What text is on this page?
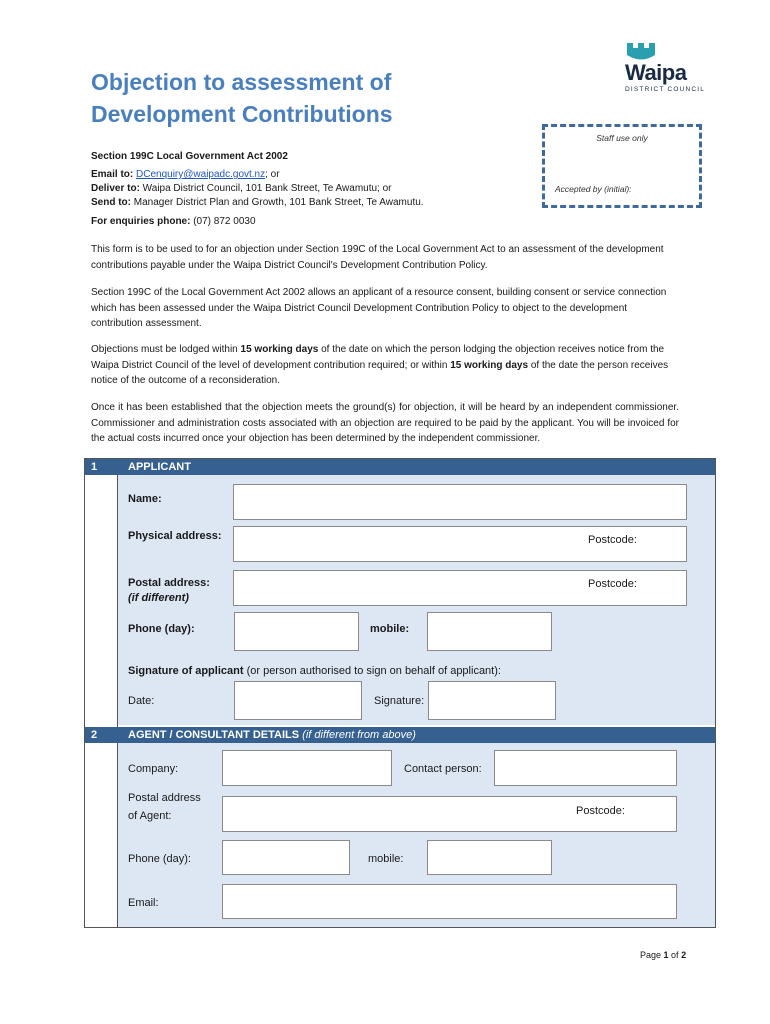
Objection to assessment of
Development Contributions
Waipa
DISTRICT COUNCIL
Staff use only
Accepted by (initial):
Section 199C Local Government Act 2002
Email to: DCenquiry@waipadc.govt.nz; or
Deliver to: Waipa District Council, 101 Bank Street, Te Awamutu; or
Send to: Manager District Plan and Growth, 101 Bank Street, Te Awamutu.
For enquiries phone: (07) 872 0030
This form is to be used to for an objection under Section 199C of the Local Government Act to an assessment of the development contributions payable under the Waipa District Council's Development Contribution Policy.
Section 199C of the Local Government Act 2002 allows an applicant of a resource consent, building consent or service connection which has been assessed under the Waipa District Council Development Contribution Policy to object to the development contribution assessment.
Objections must be lodged within 15 working days of the date on which the person lodging the objection receives notice from the Waipa District Council of the level of development contribution required; or within 15 working days of the date the person receives notice of the outcome of a reconsideration.
Once it has been established that the objection meets the ground(s) for objection, it will be heard by an independent commissioner. Commissioner and administration costs associated with an objection are required to be paid by the applicant. You will be invoiced for the actual costs incurred once your objection has been determined by the independent commissioner.
1	APPLICANT
Name:
Physical address:	Postcode:
Postal address:
(if different)
Postcode:
Phone (day):	mobile:
Signature of applicant (or person authorised to sign on behalf of applicant):
Date:	Signature:
2	AGENT / CONSULTANT DETAILS (if different from above)
Company:	Contact person:
Postal address
of Agent:	Postcode:
Phone (day):	mobile:
Email:
Page 1 of 2
